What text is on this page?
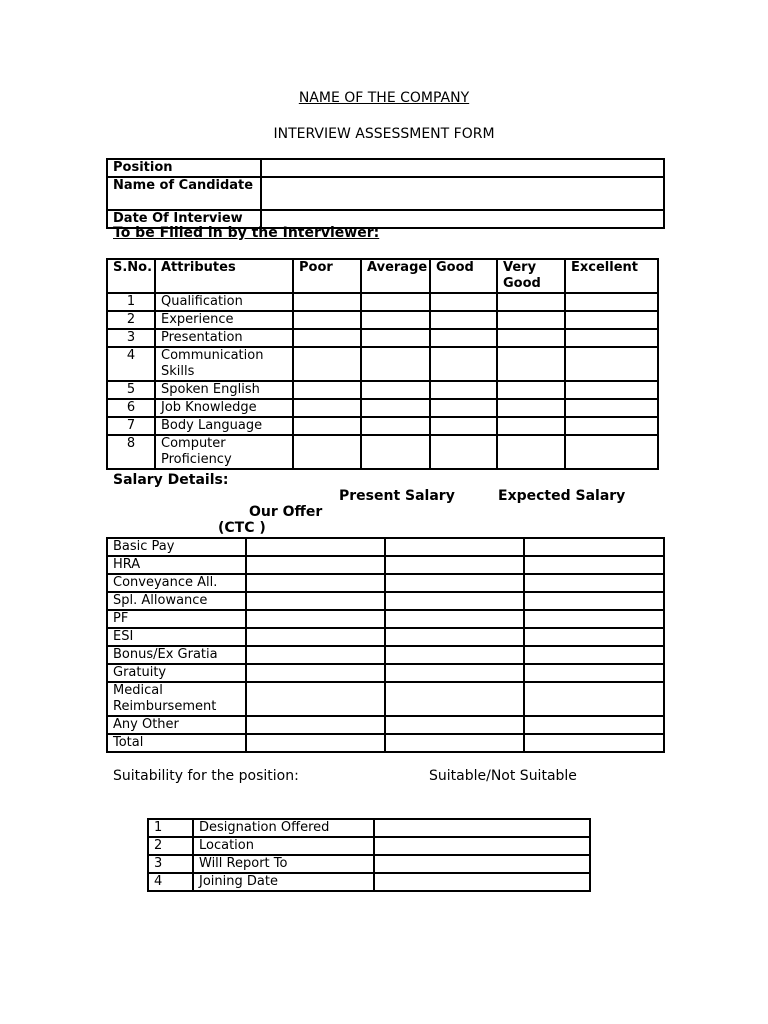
NAME OF THE COMPANY
INTERVIEW ASSESSMENT FORM
Position	
Name of Candidate	
Date Of Interview	
To be Filled in by the Interviewer:
S.No.	Attributes	Poor	Average	Good	Very Good	Excellent
1	Qualification					
2	Experience					
3	Presentation					
4	Communication Skills					
5	Spoken English					
6	Job Knowledge					
7	Body Language					
8	Computer Proficiency					
Salary Details:
Present Salary	Expected Salary
Our Offer
(CTC )
Basic Pay			
HRA			
Conveyance All.			
Spl. Allowance			
PF			
ESI			
Bonus/Ex Gratia			
Gratuity			
Medical Reimbursement			
Any Other			
Total			
Suitability for the position:	Suitable/Not Suitable
1	Designation Offered	
2	Location	
3	Will Report To	
4	Joining Date	
